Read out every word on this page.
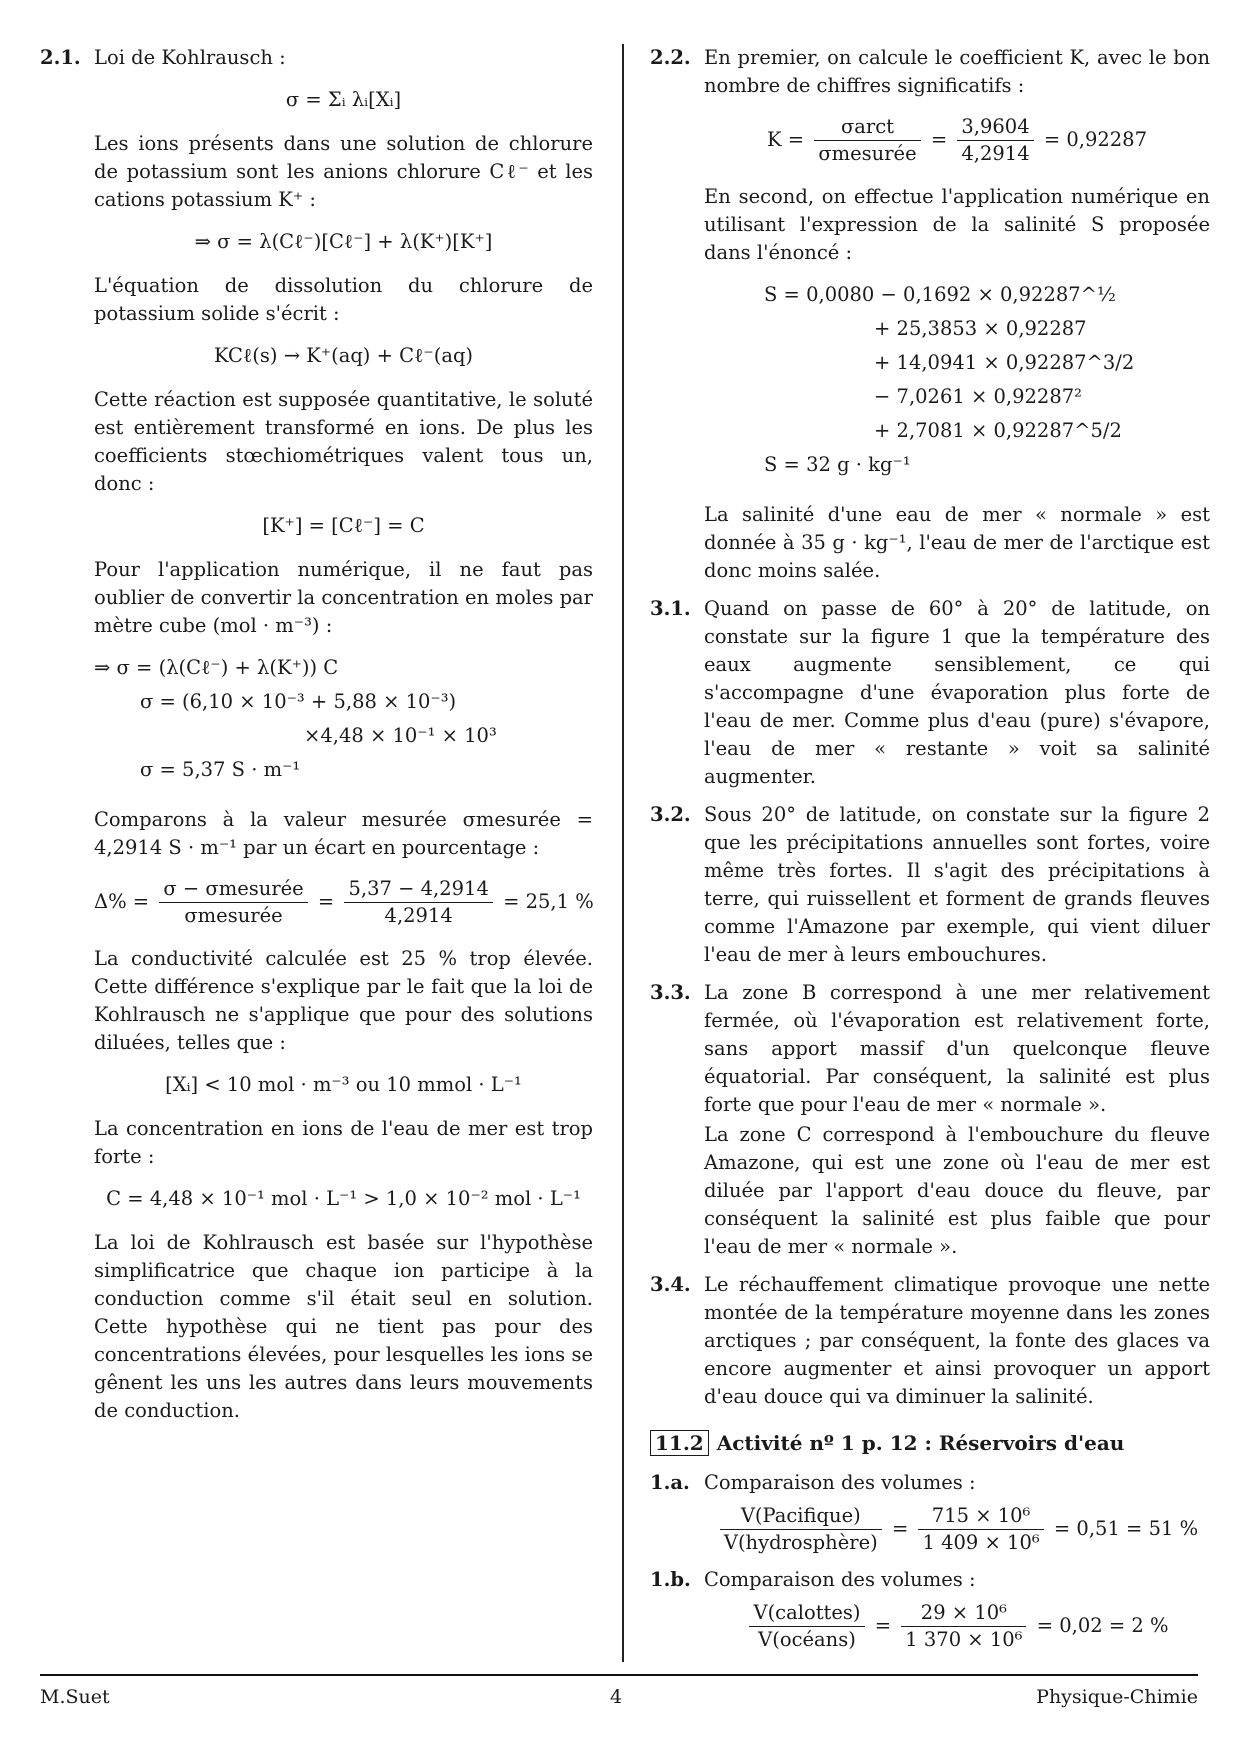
2.1. Loi de Kohlrausch :
σ = Σᵢ λᵢ[Xᵢ]
Les ions présents dans une solution de chlorure de potassium sont les anions chlorure Cℓ⁻ et les cations potassium K⁺ :
⇒ σ = λ(Cℓ⁻)[Cℓ⁻] + λ(K⁺)[K⁺]
L'équation de dissolution du chlorure de potassium solide s'écrit :
KCℓ(s) → K⁺(aq) + Cℓ⁻(aq)
Cette réaction est supposée quantitative, le soluté est entièrement transformé en ions. De plus les coefficients stœchiométriques valent tous un, donc :
[K⁺] = [Cℓ⁻] = C
Pour l'application numérique, il ne faut pas oublier de convertir la concentration en moles par mètre cube (mol · m⁻³) :
⇒ σ = (λ(Cℓ⁻) + λ(K⁺)) C
σ = (6,10 × 10⁻³ + 5,88 × 10⁻³)
×4,48 × 10⁻¹ × 10³
σ = 5,37 S · m⁻¹
Comparons à la valeur mesurée σmesurée = 4,2914 S · m⁻¹ par un écart en pourcentage :
$\Delta\% = \frac{\text{σ − σmesurée}}{\text{σmesurée}} = \frac{5,37 - 4,2914}{4,2914} = 25,1$ %
La conductivité calculée est 25 % trop élevée. Cette différence s'explique par le fait que la loi de Kohlrausch ne s'applique que pour des solutions diluées, telles que :
[Xᵢ] < 10 mol · m⁻³ ou 10 mmol · L⁻¹
La concentration en ions de l'eau de mer est trop forte :
C = 4,48 × 10⁻¹ mol · L⁻¹ > 1,0 × 10⁻² mol · L⁻¹
La loi de Kohlrausch est basée sur l'hypothèse simplificatrice que chaque ion participe à la conduction comme s'il était seul en solution. Cette hypothèse qui ne tient pas pour des concentrations élevées, pour lesquelles les ions se gênent les uns les autres dans leurs mouvements de conduction.
2.2. En premier, on calcule le coefficient K, avec le bon nombre de chiffres significatifs :
$K = \frac{\text{σarct}}{\text{σmesurée}} = \frac{3,9604}{4,2914} = 0,92287$
En second, on effectue l'application numérique en utilisant l'expression de la salinité S proposée dans l'énoncé :
S = 0,0080 − 0,1692 × 0,92287^½
+ 25,3853 × 0,92287
+ 14,0941 × 0,92287^3/2
− 7,0261 × 0,92287²
+ 2,7081 × 0,92287^5/2
S = 32 g · kg⁻¹
La salinité d'une eau de mer « normale » est donnée à 35 g · kg⁻¹, l'eau de mer de l'arctique est donc moins salée.
3.1. Quand on passe de 60° à 20° de latitude, on constate sur la figure 1 que la température des eaux augmente sensiblement, ce qui s'accompagne d'une évaporation plus forte de l'eau de mer. Comme plus d'eau (pure) s'évapore, l'eau de mer « restante » voit sa salinité augmenter.
3.2. Sous 20° de latitude, on constate sur la figure 2 que les précipitations annuelles sont fortes, voire même très fortes. Il s'agit des précipitations à terre, qui ruissellent et forment de grands fleuves comme l'Amazone par exemple, qui vient diluer l'eau de mer à leurs embouchures.
3.3. La zone B correspond à une mer relativement fermée, où l'évaporation est relativement forte, sans apport massif d'un quelconque fleuve équatorial. Par conséquent, la salinité est plus forte que pour l'eau de mer « normale ».
La zone C correspond à l'embouchure du fleuve Amazone, qui est une zone où l'eau de mer est diluée par l'apport d'eau douce du fleuve, par conséquent la salinité est plus faible que pour l'eau de mer « normale ».
3.4. Le réchauffement climatique provoque une nette montée de la température moyenne dans les zones arctiques ; par conséquent, la fonte des glaces va encore augmenter et ainsi provoquer un apport d'eau douce qui va diminuer la salinité.
11.2 Activité nº 1 p. 12 : Réservoirs d'eau
1.a. Comparaison des volumes :
$\frac{\text{V(Pacifique)}}{\text{V(hydrosphère)}} = \frac{\text{715 × 10⁶}}{\text{1 409 × 10⁶}} = 0,51 = 51$ %
1.b. Comparaison des volumes :
$\frac{\text{V(calottes)}}{\text{V(océans)}} = \frac{\text{29 × 10⁶}}{\text{1 370 × 10⁶}} = 0,02 = 2$ %
M.Suet	4	Physique-Chimie
